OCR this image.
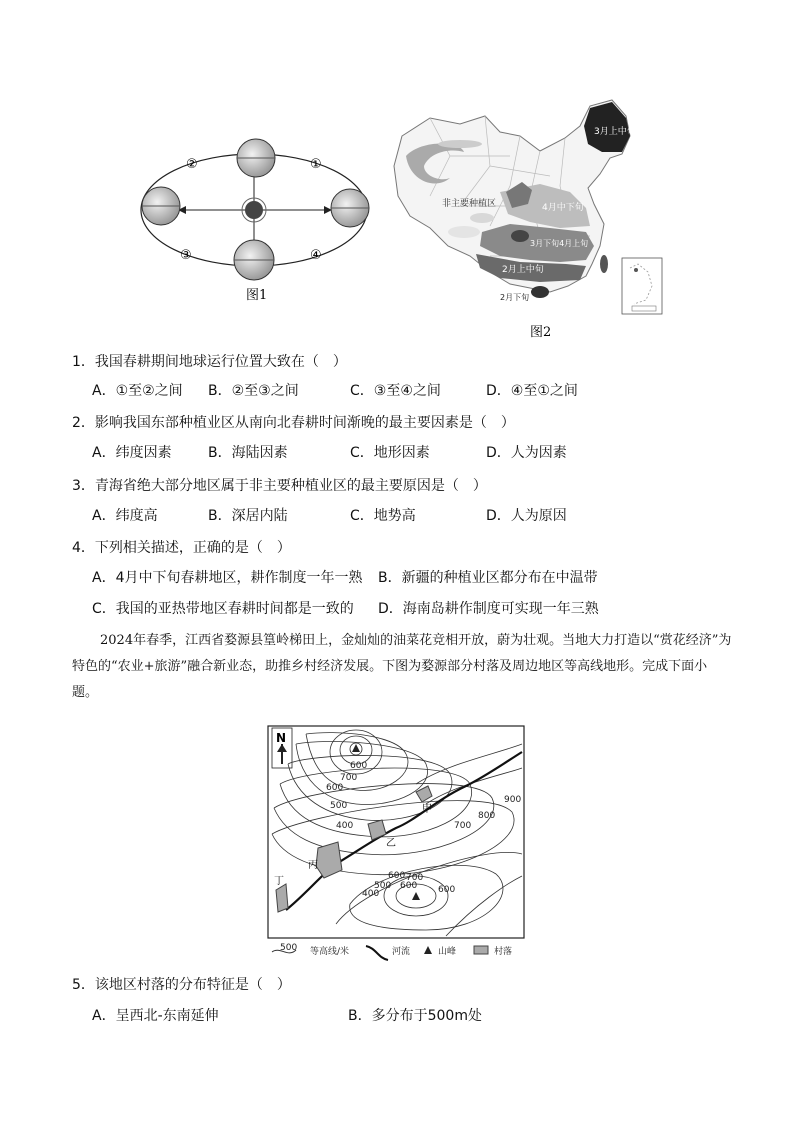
②	①
③	④
图1
3月上中旬
非主要种植区	4月中下旬
3月下旬4月上旬
2月上中旬
2月下旬
图2
1．我国春耕期间地球运行位置大致在（　）
A．①至②之间 B．②至③之间	C．③至④之间	D．④至①之间
2．影响我国东部种植业区从南向北春耕时间渐晚的最主要因素是（　）
A．纬度因素	B．海陆因素	C．地形因素	D．人为因素
3．青海省绝大部分地区属于非主要种植业区的最主要原因是（　）
A．纬度高	B．深居内陆	C．地势高	D．人为原因
4．下列相关描述，正确的是（　）
A．4月中下旬春耕地区，耕作制度一年一熟 B．新疆的种植业区都分布在中温带
C．我国的亚热带地区春耕时间都是一致的 D．海南岛耕作制度可实现一年三熟

2024年春季，江西省婺源县篁岭梯田上，金灿灿的油菜花竞相开放，蔚为壮观。当地大力打造以“赏花经济”为特色的“农业+旅游”融合新业态，助推乡村经济发展。下图为婺源部分村落及周边地区等高线地形。完成下面小题。

N
600
700
600
500
400
400
500
600
700
800
900
600
700
600
甲
乙
丙
丁
500 等高线/米	河流	山峰	村落
5．该地区村落的分布特征是（　）
A．呈西北-东南延伸	B．多分布于500m处
